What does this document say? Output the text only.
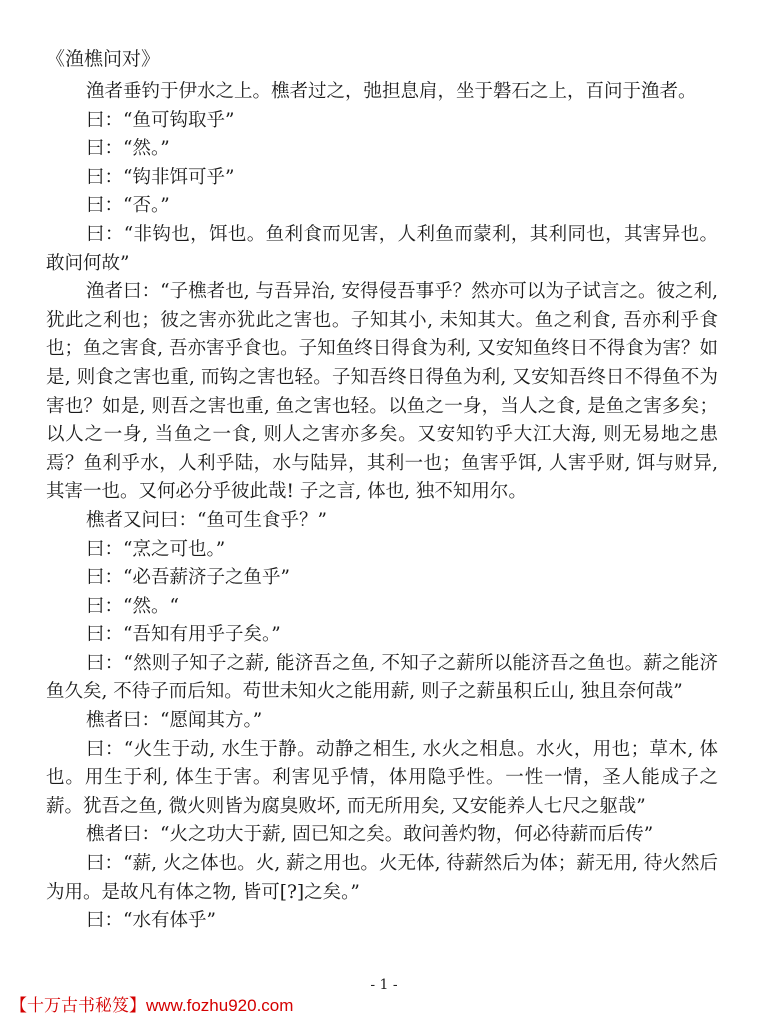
《渔樵问对》

渔者垂钓于伊水之上。樵者过之，弛担息肩，坐于磐石之上，百问于渔者。

曰：“鱼可钩取乎”

曰：“然。”

曰：“钩非饵可乎”

曰：“否。”

曰：“非钩也，饵也。鱼利食而见害，人利鱼而蒙利，其利同也，其害异也。敢问何故”

渔者曰：“子樵者也, 与吾异治, 安得侵吾事乎？然亦可以为子试言之。彼之利, 犹此之利也；彼之害亦犹此之害也。子知其小, 未知其大。鱼之利食, 吾亦利乎食也；鱼之害食, 吾亦害乎食也。子知鱼终日得食为利, 又安知鱼终日不得食为害？如是, 则食之害也重, 而钩之害也轻。子知吾终日得鱼为利, 又安知吾终日不得鱼不为害也？如是, 则吾之害也重, 鱼之害也轻。以鱼之一身，当人之食, 是鱼之害多矣；以人之一身, 当鱼之一食, 则人之害亦多矣。又安知钓乎大江大海, 则无易地之患焉？鱼利乎水，人利乎陆，水与陆异，其利一也；鱼害乎饵, 人害乎财, 饵与财异, 其害一也。又何必分乎彼此哉! 子之言, 体也, 独不知用尔。

樵者又问曰：“鱼可生食乎？”

曰：“烹之可也。”

曰：“必吾薪济子之鱼乎”

曰：“然。“

曰：“吾知有用乎子矣。”

曰：“然则子知子之薪, 能济吾之鱼, 不知子之薪所以能济吾之鱼也。薪之能济鱼久矣, 不待子而后知。苟世未知火之能用薪, 则子之薪虽积丘山, 独且奈何哉”

樵者曰：“愿闻其方。”

曰：“火生于动, 水生于静。动静之相生, 水火之相息。水火，用也；草木, 体也。用生于利, 体生于害。利害见乎情，体用隐乎性。一性一情，圣人能成子之薪。犹吾之鱼, 微火则皆为腐臭败坏, 而无所用矣, 又安能养人七尺之躯哉”

樵者曰：“火之功大于薪, 固已知之矣。敢问善灼物，何必待薪而后传”

曰：“薪, 火之体也。火, 薪之用也。火无体, 待薪然后为体；薪无用, 待火然后为用。是故凡有体之物, 皆可[?]之矣。”

曰：“水有体乎”

- 1 -
【十万古书秘笈】www.fozhu920.com
